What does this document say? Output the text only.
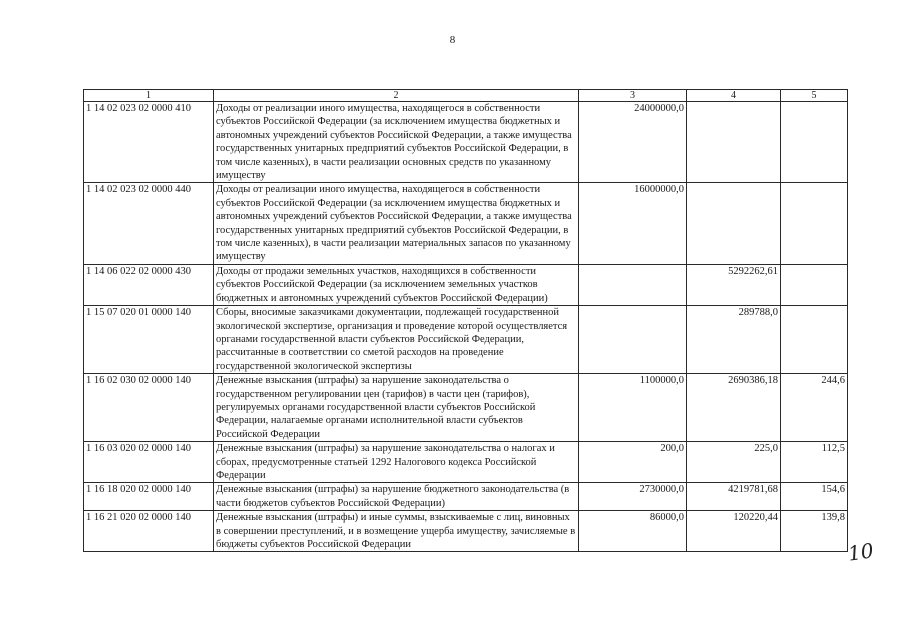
8
1	2	3	4	5
1 14 02 023 02 0000 410	Доходы от реализации иного имущества, находящегося в собственности субъектов Российской Федерации (за исключением имущества бюджетных и автономных учреждений субъектов Российской Федерации, а также имущества государственных унитарных предприятий субъектов Российской Федерации, в том числе казенных), в части реализации основных средств по указанному имуществу	24000000,0		
1 14 02 023 02 0000 440	Доходы от реализации иного имущества, находящегося в собственности субъектов Российской Федерации (за исключением имущества бюджетных и автономных учреждений субъектов Российской Федерации, а также имущества государственных унитарных предприятий субъектов Российской Федерации, в том числе казенных), в части реализации материальных запасов по указанному имуществу	16000000,0		
1 14 06 022 02 0000 430	Доходы от продажи земельных участков, находящихся в собственности субъектов Российской Федерации (за исключением земельных участков бюджетных и автономных учреждений субъектов Российской Федерации)		5292262,61	
1 15 07 020 01 0000 140	Сборы, вносимые заказчиками документации, подлежащей государственной экологической экспертизе, организация и проведение которой осуществляется органами государственной власти субъектов Российской Федерации, рассчитанные в соответствии со сметой расходов на проведение государственной экологической экспертизы		289788,0	
1 16 02 030 02 0000 140	Денежные взыскания (штрафы) за нарушение законодательства о государственном регулировании цен (тарифов) в части цен (тарифов), регулируемых органами государственной власти субъектов Российской Федерации, налагаемые органами исполнительной власти субъектов Российской Федерации	1100000,0	2690386,18	244,6
1 16 03 020 02 0000 140	Денежные взыскания (штрафы) за нарушение законодательства о налогах и сборах, предусмотренные статьей 1292 Налогового кодекса Российской Федерации	200,0	225,0	112,5
1 16 18 020 02 0000 140	Денежные взыскания (штрафы) за нарушение бюджетного законодательства (в части бюджетов субъектов Российской Федерации)	2730000,0	4219781,68	154,6
1 16 21 020 02 0000 140	Денежные взыскания (штрафы) и иные суммы, взыскиваемые с лиц, виновных в совершении преступлений, и в возмещение ущерба имуществу, зачисляемые в бюджеты субъектов Российской Федерации	86000,0	120220,44	139,8
10
